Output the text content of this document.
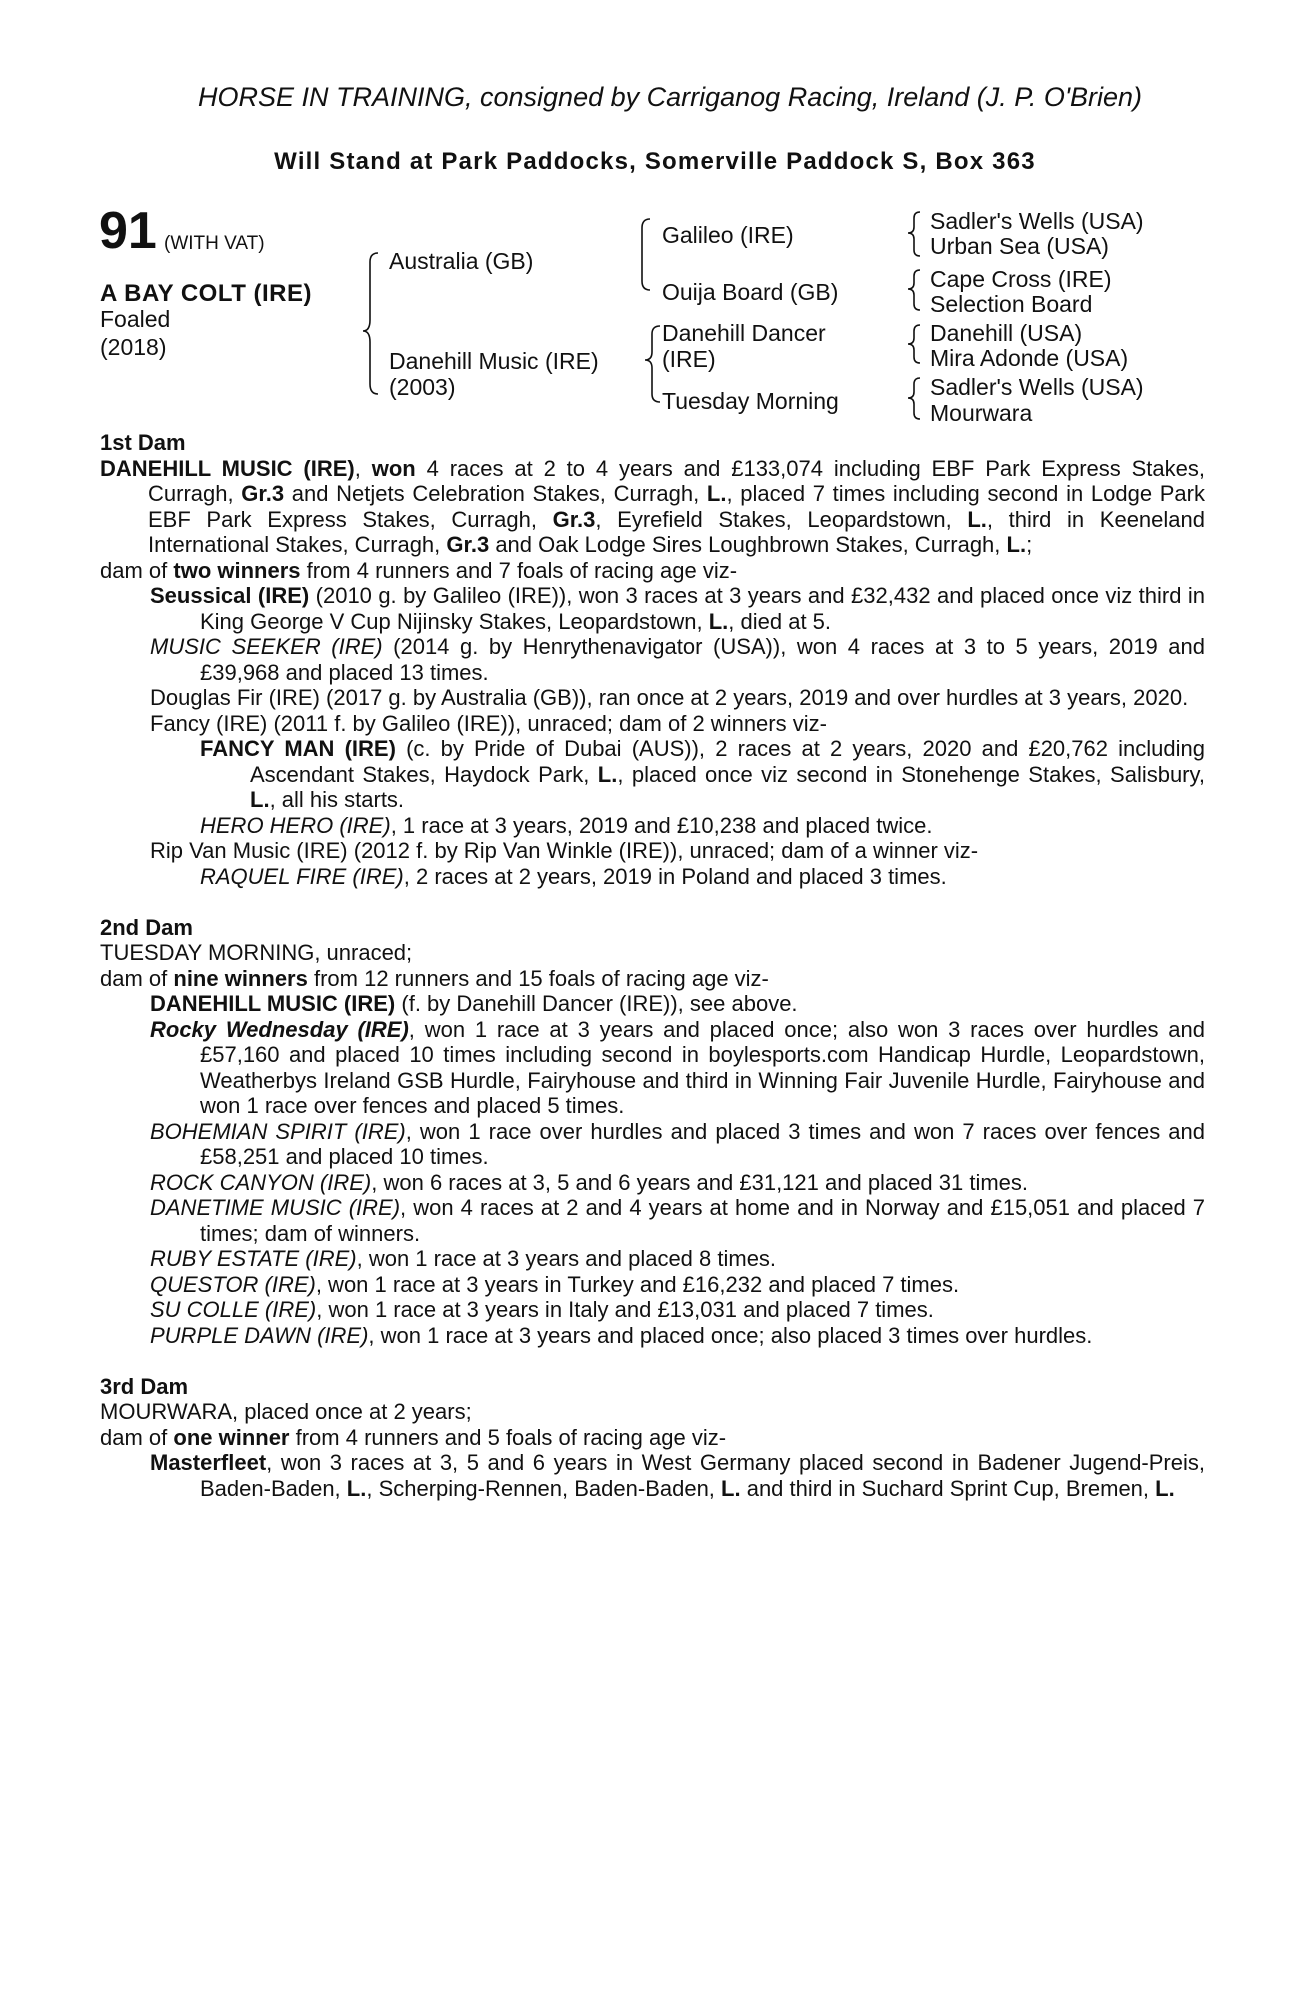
HORSE IN TRAINING, consigned by Carriganog Racing, Ireland (J. P. O'Brien)
Will Stand at Park Paddocks, Somerville Paddock S, Box 363
91 (WITH VAT)
A BAY COLT (IRE)
Foaled
(2018)
Australia (GB)
Danehill Music (IRE)
(2003)
Galileo (IRE)
Ouija Board (GB)
Danehill Dancer
(IRE)
Tuesday Morning
Sadler's Wells (USA)
Urban Sea (USA)
Cape Cross (IRE)
Selection Board
Danehill (USA)
Mira Adonde (USA)
Sadler's Wells (USA)
Mourwara
1st Dam
DANEHILL MUSIC (IRE), won 4 races at 2 to 4 years and £133,074 including EBF Park Express Stakes, Curragh, Gr.3 and Netjets Celebration Stakes, Curragh, L., placed 7 times including second in Lodge Park EBF Park Express Stakes, Curragh, Gr.3, Eyrefield Stakes, Leopardstown, L., third in Keeneland International Stakes, Curragh, Gr.3 and Oak Lodge Sires Loughbrown Stakes, Curragh, L.;
dam of two winners from 4 runners and 7 foals of racing age viz-
Seussical (IRE) (2010 g. by Galileo (IRE)), won 3 races at 3 years and £32,432 and placed once viz third in King George V Cup Nijinsky Stakes, Leopardstown, L., died at 5.
MUSIC SEEKER (IRE) (2014 g. by Henrythenavigator (USA)), won 4 races at 3 to 5 years, 2019 and £39,968 and placed 13 times.
Douglas Fir (IRE) (2017 g. by Australia (GB)), ran once at 2 years, 2019 and over hurdles at 3 years, 2020.
Fancy (IRE) (2011 f. by Galileo (IRE)), unraced; dam of 2 winners viz-
FANCY MAN (IRE) (c. by Pride of Dubai (AUS)), 2 races at 2 years, 2020 and £20,762 including Ascendant Stakes, Haydock Park, L., placed once viz second in Stonehenge Stakes, Salisbury, L., all his starts.
HERO HERO (IRE), 1 race at 3 years, 2019 and £10,238 and placed twice.
Rip Van Music (IRE) (2012 f. by Rip Van Winkle (IRE)), unraced; dam of a winner viz-
RAQUEL FIRE (IRE), 2 races at 2 years, 2019 in Poland and placed 3 times.
2nd Dam
TUESDAY MORNING, unraced;
dam of nine winners from 12 runners and 15 foals of racing age viz-
DANEHILL MUSIC (IRE) (f. by Danehill Dancer (IRE)), see above.
Rocky Wednesday (IRE), won 1 race at 3 years and placed once; also won 3 races over hurdles and £57,160 and placed 10 times including second in boylesports.com Handicap Hurdle, Leopardstown, Weatherbys Ireland GSB Hurdle, Fairyhouse and third in Winning Fair Juvenile Hurdle, Fairyhouse and won 1 race over fences and placed 5 times.
BOHEMIAN SPIRIT (IRE), won 1 race over hurdles and placed 3 times and won 7 races over fences and £58,251 and placed 10 times.
ROCK CANYON (IRE), won 6 races at 3, 5 and 6 years and £31,121 and placed 31 times.
DANETIME MUSIC (IRE), won 4 races at 2 and 4 years at home and in Norway and £15,051 and placed 7 times; dam of winners.
RUBY ESTATE (IRE), won 1 race at 3 years and placed 8 times.
QUESTOR (IRE), won 1 race at 3 years in Turkey and £16,232 and placed 7 times.
SU COLLE (IRE), won 1 race at 3 years in Italy and £13,031 and placed 7 times.
PURPLE DAWN (IRE), won 1 race at 3 years and placed once; also placed 3 times over hurdles.
3rd Dam
MOURWARA, placed once at 2 years;
dam of one winner from 4 runners and 5 foals of racing age viz-
Masterfleet, won 3 races at 3, 5 and 6 years in West Germany placed second in Badener Jugend-Preis, Baden-Baden, L., Scherping-Rennen, Baden-Baden, L. and third in Suchard Sprint Cup, Bremen, L.
